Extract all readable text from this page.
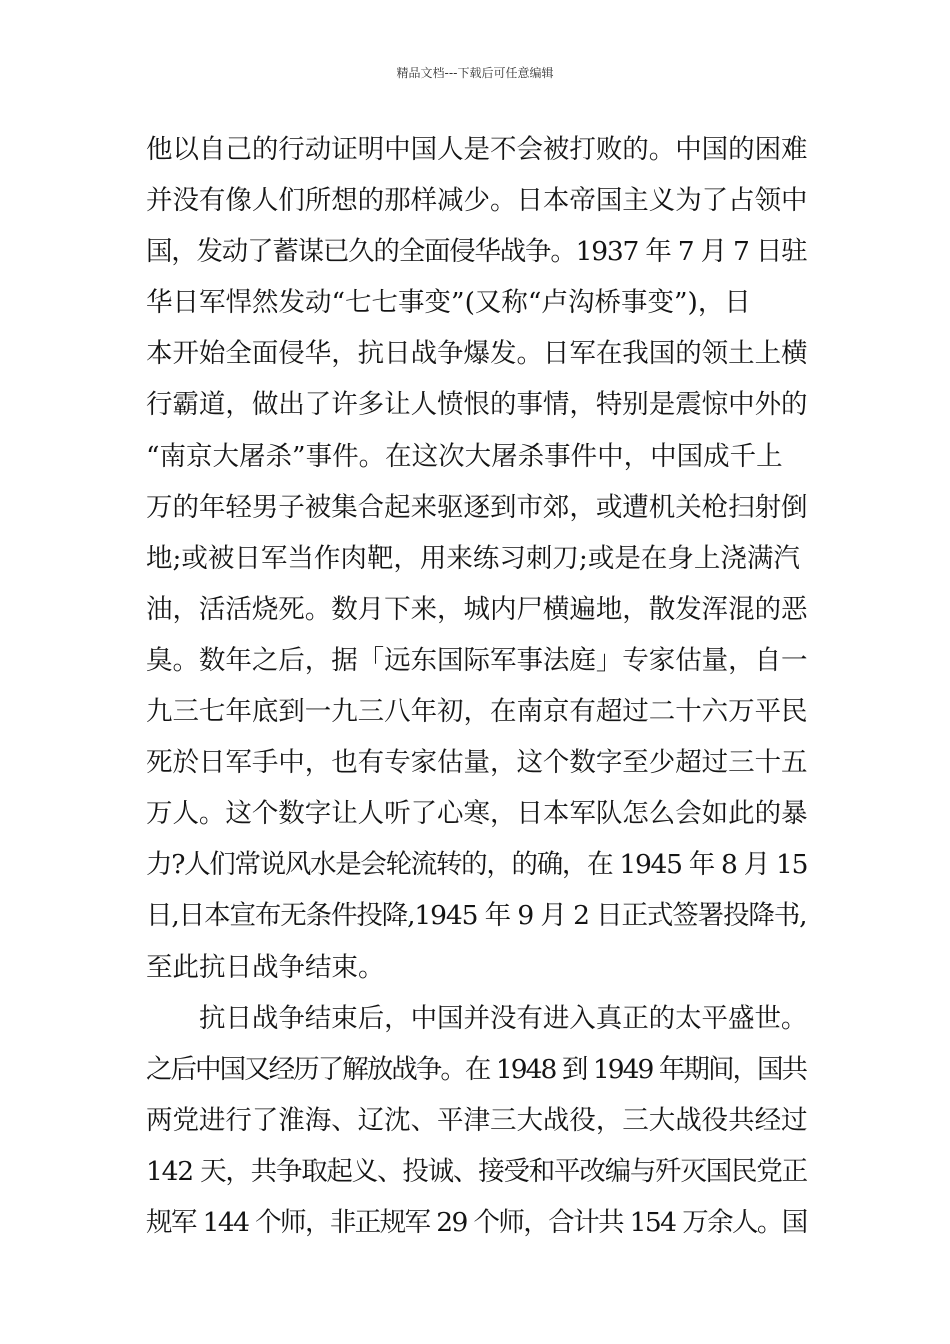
精品文档---下载后可任意编辑
他以自己的行动证明中国人是不会被打败的。中国的困难
并没有像人们所想的那样减少。日本帝国主义为了占领中
国，发动了蓄谋已久的全面侵华战争。1937 年 7 月 7 日驻
华日军悍然发动“七七事变”(又称“卢沟桥事变”)，日
本开始全面侵华，抗日战争爆发。日军在我国的领土上横
行霸道，做出了许多让人愤恨的事情，特别是震惊中外的
“南京大屠杀”事件。在这次大屠杀事件中，中国成千上
万的年轻男子被集合起来驱逐到市郊，或遭机关枪扫射倒
地;或被日军当作肉靶，用来练习刺刀;或是在身上浇满汽
油，活活烧死。数月下来，城内尸横遍地，散发浑混的恶
臭。数年之后，据「远东国际军事法庭」专家估量，自一
九三七年底到一九三八年初，在南京有超过二十六万平民
死於日军手中，也有专家估量，这个数字至少超过三十五
万人。这个数字让人听了心寒，日本军队怎么会如此的暴
力?人们常说风水是会轮流转的，的确，在 1945 年 8 月 15
日,日本宣布无条件投降,1945 年 9 月 2 日正式签署投降书,
至此抗日战争结束。
抗日战争结束后，中国并没有进入真正的太平盛世。
之后中国又经历了解放战争。在 1948 到 1949 年期间，国共
两党进行了淮海、辽沈、平津三大战役，三大战役共经过
142 天，共争取起义、投诚、接受和平改编与歼灭国民党正
规军 144 个师，非正规军 29 个师，合计共 154 万余人。国
